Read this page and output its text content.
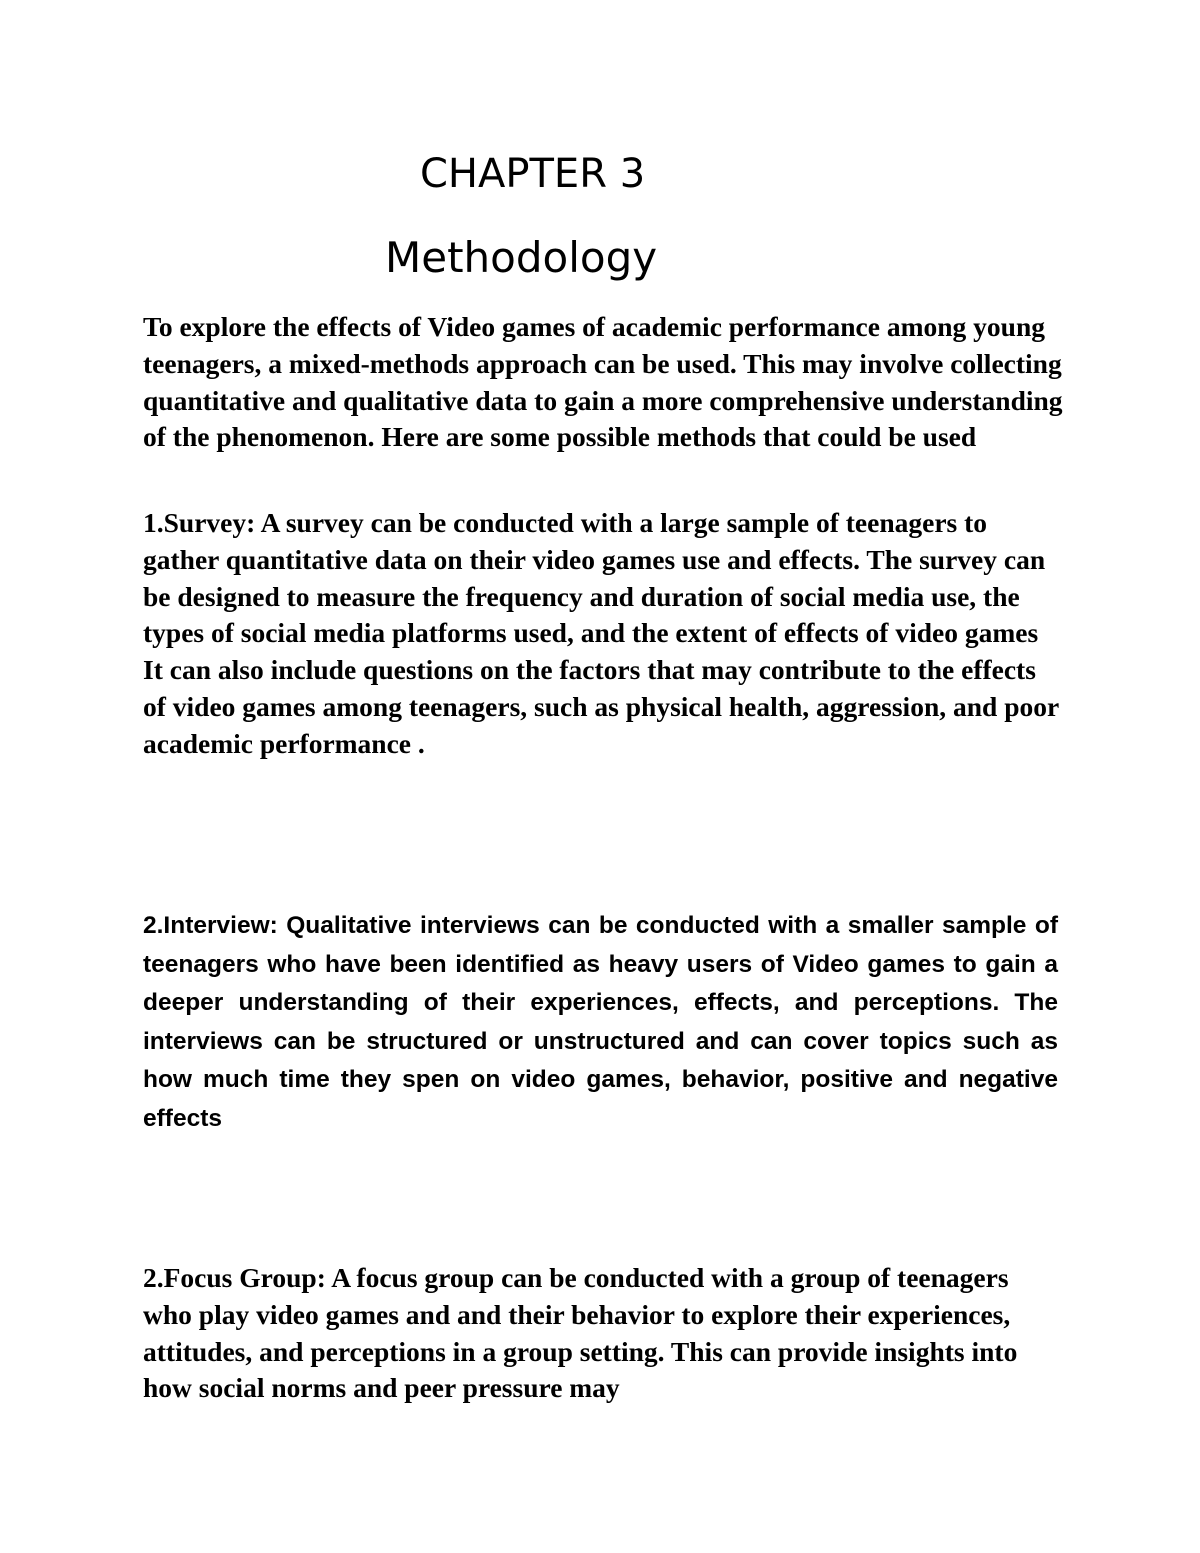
CHAPTER 3
Methodology

To explore the effects of Video games of academic performance among young teenagers, a mixed-methods approach can be used. This may involve collecting quantitative and qualitative data to gain a more comprehensive understanding of the phenomenon. Here are some possible methods that could be used

1.Survey: A survey can be conducted with a large sample of teenagers to gather quantitative data on their video games use and effects. The survey can be designed to measure the frequency and duration of social media use, the types of social media platforms used, and the extent of effects of video games It can also include questions on the factors that may contribute to the effects of video games among teenagers, such as physical health, aggression, and poor academic performance .

2.Interview: Qualitative interviews can be conducted with a smaller sample of teenagers who have been identified as heavy users of Video games to gain a deeper understanding of their experiences, effects, and perceptions. The interviews can be structured or unstructured and can cover topics such as how much time they spen on video games, behavior, positive and negative effects

2.Focus Group: A focus group can be conducted with a group of teenagers who play video games and and their behavior to explore their experiences, attitudes, and perceptions in a group setting. This can provide insights into how social norms and peer pressure may
